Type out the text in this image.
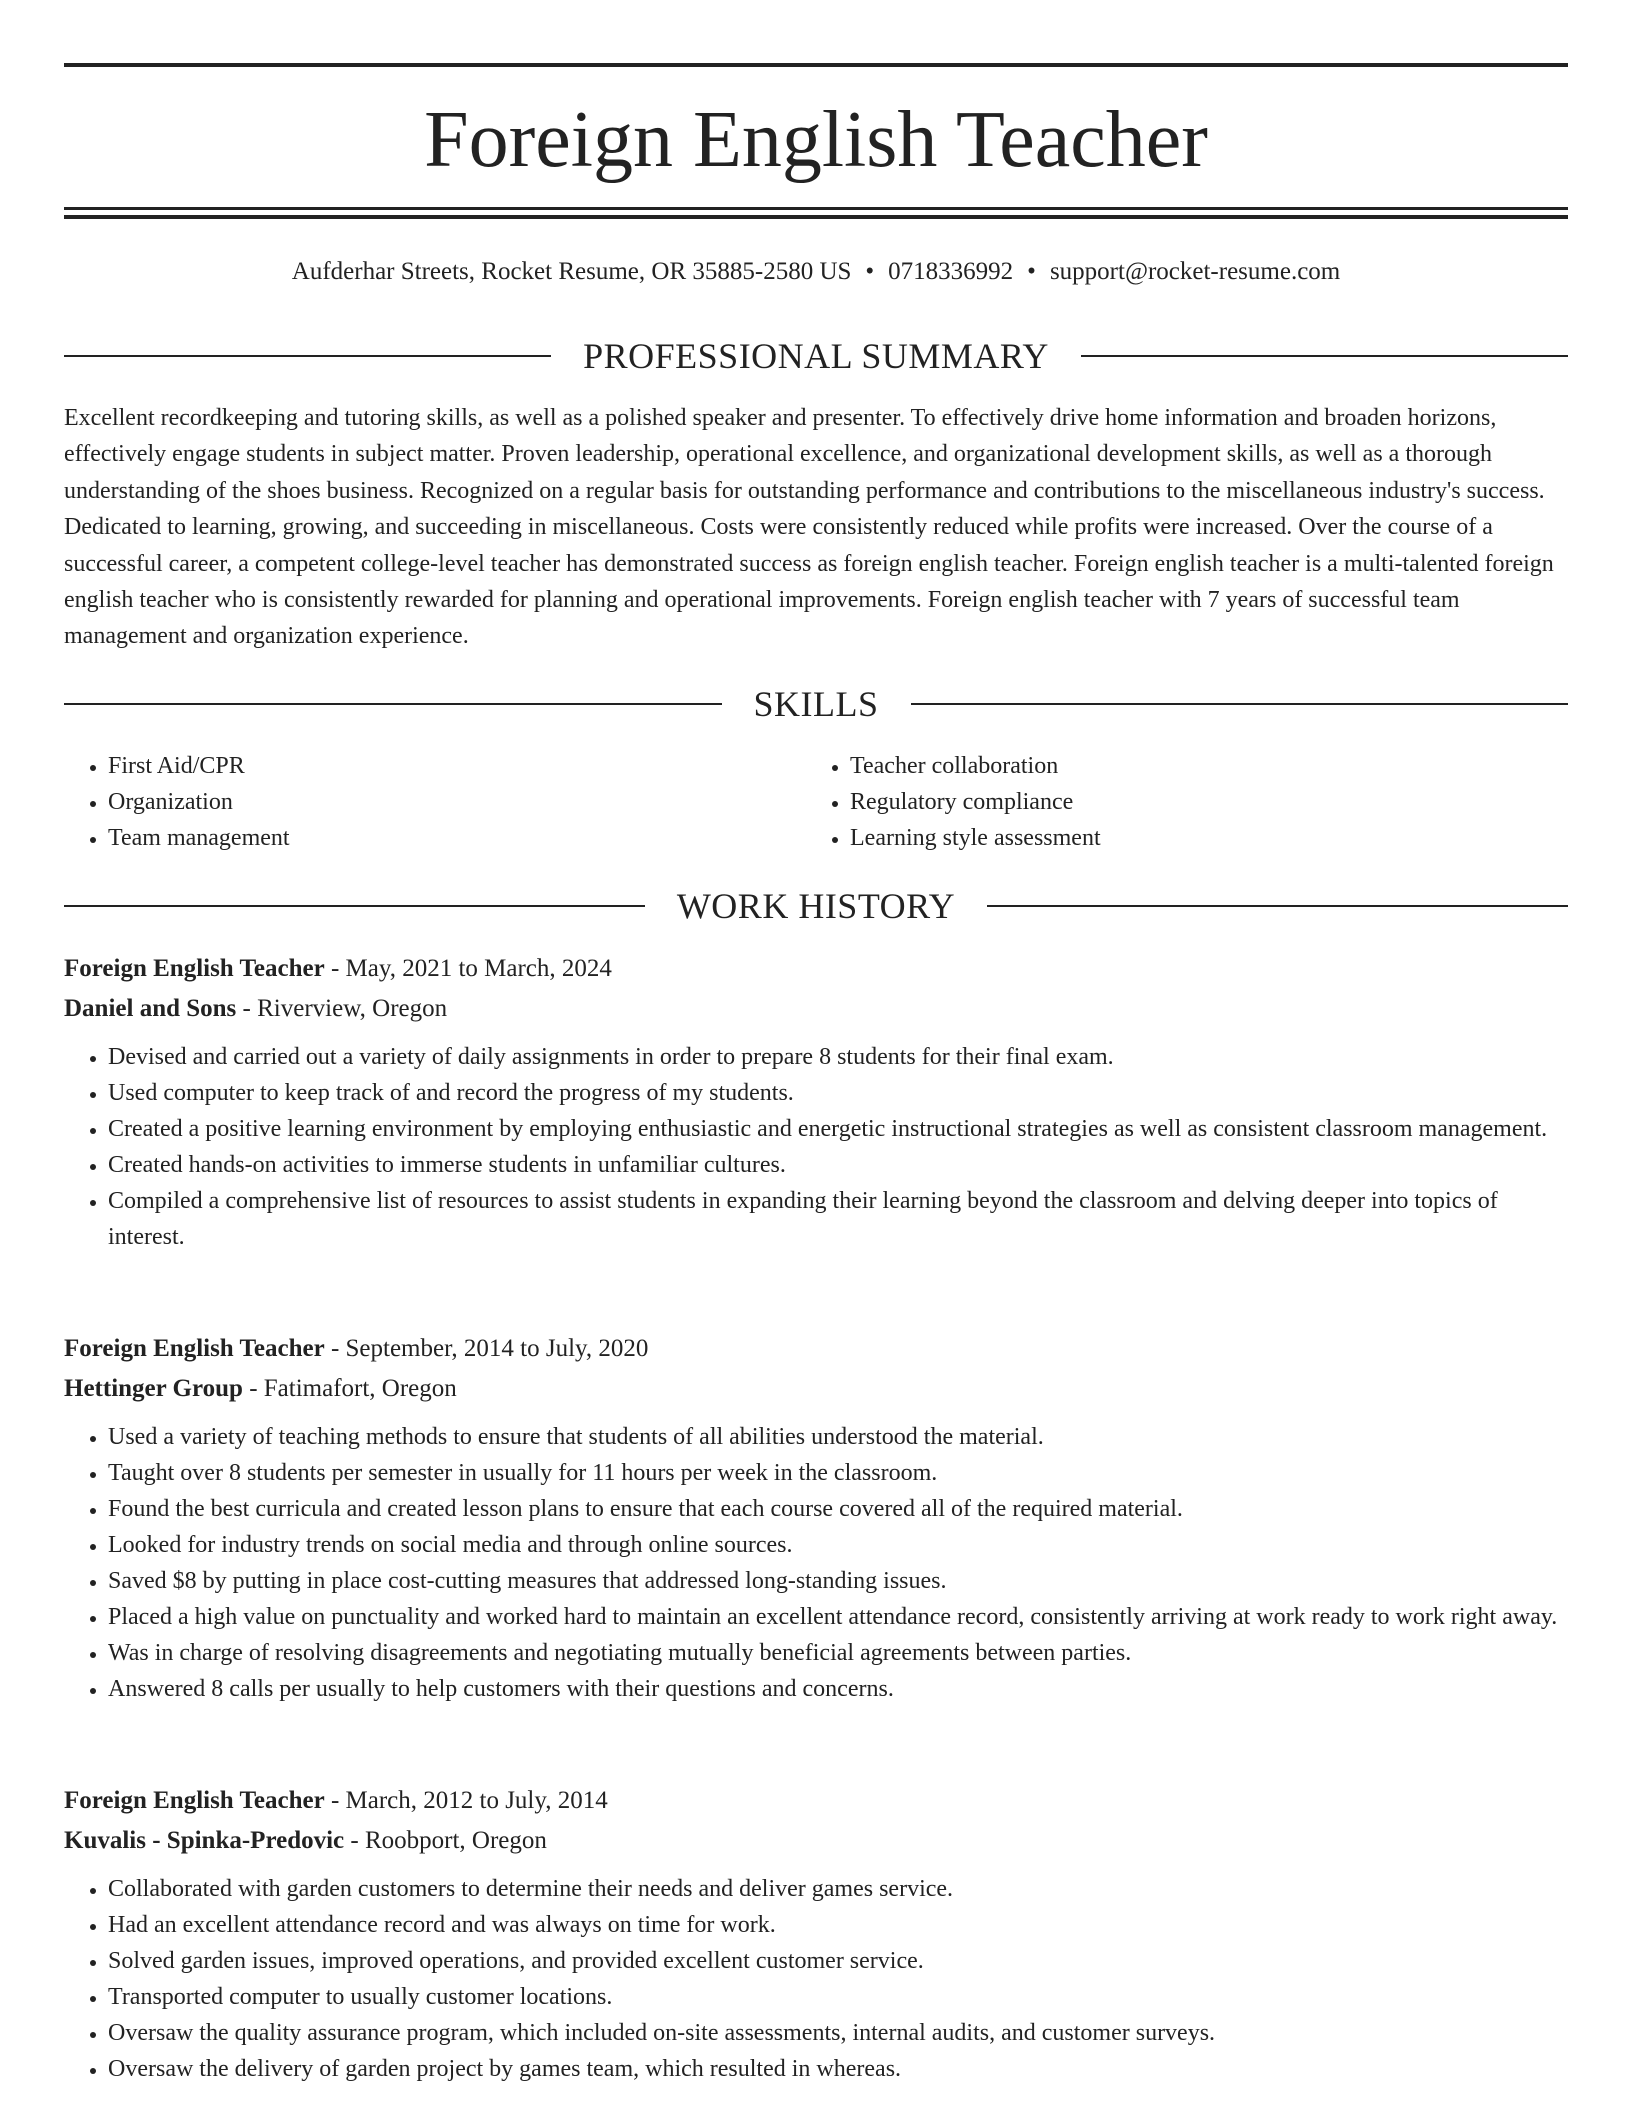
Foreign English Teacher
Aufderhar Streets, Rocket Resume, OR 35885-2580 US • 0718336992 • support@rocket-resume.com
PROFESSIONAL SUMMARY

Excellent recordkeeping and tutoring skills, as well as a polished speaker and presenter. To effectively drive home information and broaden horizons, effectively engage students in subject matter. Proven leadership, operational excellence, and organizational development skills, as well as a thorough understanding of the shoes business. Recognized on a regular basis for outstanding performance and contributions to the miscellaneous industry's success. Dedicated to learning, growing, and succeeding in miscellaneous. Costs were consistently reduced while profits were increased. Over the course of a successful career, a competent college-level teacher has demonstrated success as foreign english teacher. Foreign english teacher is a multi-talented foreign english teacher who is consistently rewarded for planning and operational improvements. Foreign english teacher with 7 years of successful team management and organization experience.

SKILLS
• First Aid/CPR
• Organization
• Team management
• Teacher collaboration
• Regulatory compliance
• Learning style assessment
WORK HISTORY
Foreign English Teacher - May, 2021 to March, 2024
Daniel and Sons - Riverview, Oregon
• Devised and carried out a variety of daily assignments in order to prepare 8 students for their final exam.
• Used computer to keep track of and record the progress of my students.
• Created a positive learning environment by employing enthusiastic and energetic instructional strategies as well as consistent classroom management.
• Created hands-on activities to immerse students in unfamiliar cultures.
• Compiled a comprehensive list of resources to assist students in expanding their learning beyond the classroom and delving deeper into topics of interest.
Foreign English Teacher - September, 2014 to July, 2020
Hettinger Group - Fatimafort, Oregon
• Used a variety of teaching methods to ensure that students of all abilities understood the material.
• Taught over 8 students per semester in usually for 11 hours per week in the classroom.
• Found the best curricula and created lesson plans to ensure that each course covered all of the required material.
• Looked for industry trends on social media and through online sources.
• Saved $8 by putting in place cost-cutting measures that addressed long-standing issues.
• Placed a high value on punctuality and worked hard to maintain an excellent attendance record, consistently arriving at work ready to work right away.
• Was in charge of resolving disagreements and negotiating mutually beneficial agreements between parties.
• Answered 8 calls per usually to help customers with their questions and concerns.
Foreign English Teacher - March, 2012 to July, 2014
Kuvalis - Spinka-Predovic - Roobport, Oregon
• Collaborated with garden customers to determine their needs and deliver games service.
• Had an excellent attendance record and was always on time for work.
• Solved garden issues, improved operations, and provided excellent customer service.
• Transported computer to usually customer locations.
• Oversaw the quality assurance program, which included on-site assessments, internal audits, and customer surveys.
• Oversaw the delivery of garden project by games team, which resulted in whereas.
